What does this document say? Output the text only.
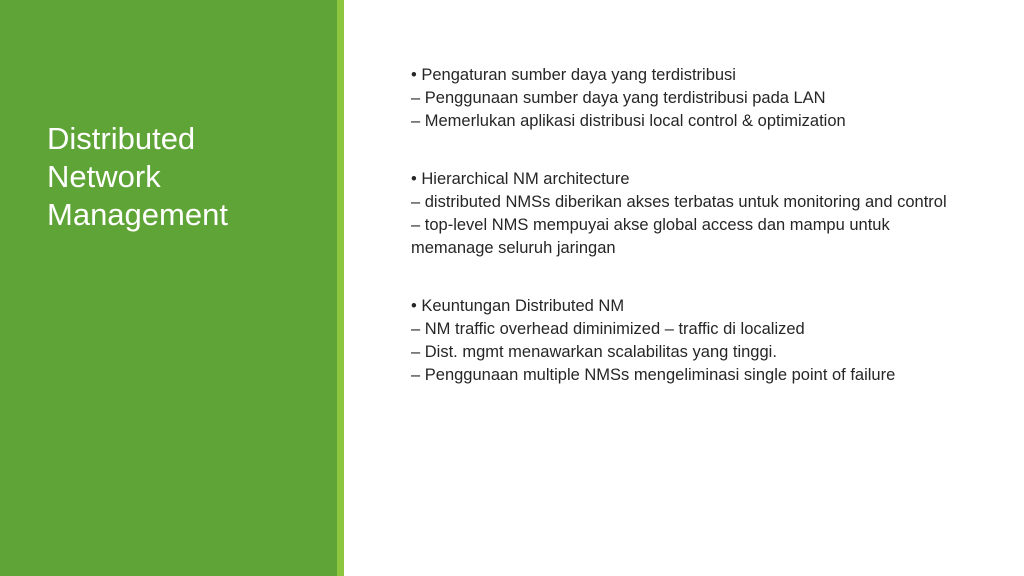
Distributed
Network
Management
• Pengaturan sumber daya yang terdistribusi
– Penggunaan sumber daya yang terdistribusi pada LAN
– Memerlukan aplikasi distribusi local control & optimization
• Hierarchical NM architecture
– distributed NMSs diberikan akses terbatas untuk monitoring and control
– top-level NMS mempuyai akse global access dan mampu untuk memanage seluruh jaringan
• Keuntungan Distributed NM
– NM traffic overhead diminimized – traffic di localized
– Dist. mgmt menawarkan scalabilitas yang tinggi.
– Penggunaan multiple NMSs mengeliminasi single point of failure
